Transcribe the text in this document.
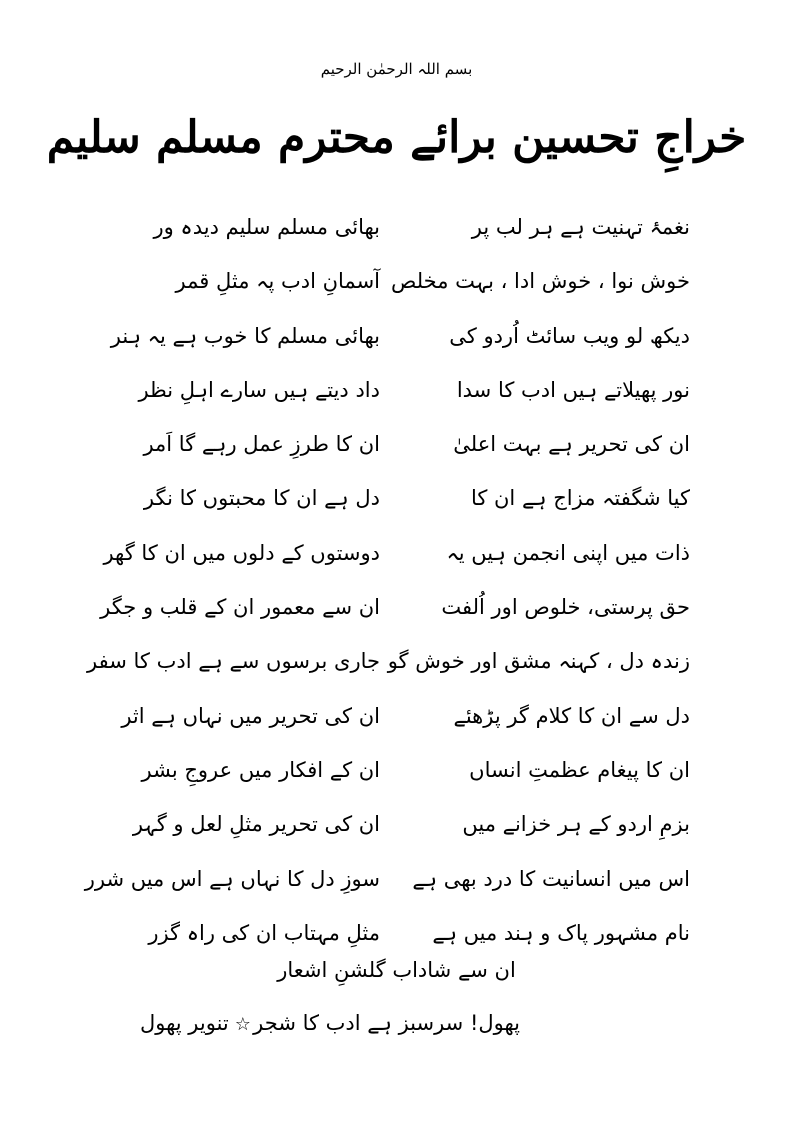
بسم اللہ الرحمٰن الرحیم
خراجِ تحسین برائے محترم مسلم سلیم
نغمۂ تہنیت ہے ہر لب پر
بھائی مسلم سلیم دیدہ ور
خوش نوا ، خوش ادا ، بہت مخلص
آسمانِ ادب پہ مثلِ قمر
دیکھ لو ویب سائٹ اُردو کی
بھائی مسلم کا خوب ہے یہ ہنر
نور پھیلاتے ہیں ادب کا سدا
داد دیتے ہیں سارے اہلِ نظر
ان کی تحریر ہے بہت اعلیٰ
ان کا طرزِ عمل رہے گا اَمر
کیا شگفتہ مزاج ہے ان کا
دل ہے ان کا محبتوں کا نگر
ذات میں اپنی انجمن ہیں یہ
دوستوں کے دلوں میں ان کا گھر
حق پرستی، خلوص اور اُلفت
ان سے معمور ان کے قلب و جگر
زندہ دل ، کہنہ مشق اور خوش گو
جاری برسوں سے ہے ادب کا سفر
دل سے ان کا کلام گر پڑھئے
ان کی تحریر میں نہاں ہے اثر
ان کا پیغام عظمتِ انساں
ان کے افکار میں عروجِ بشر
بزمِ اردو کے ہر خزانے میں
ان کی تحریر مثلِ لعل و گہر
اس میں انسانیت کا درد بھی ہے
سوزِ دل کا نہاں ہے اس میں شرر
نام مشہور پاک و ہند میں ہے
مثلِ مہتاب ان کی راہ گزر
ان سے شاداب گلشنِ اشعار
پھول! سرسبز ہے ادب کا شجر
☆تنویر پھول
